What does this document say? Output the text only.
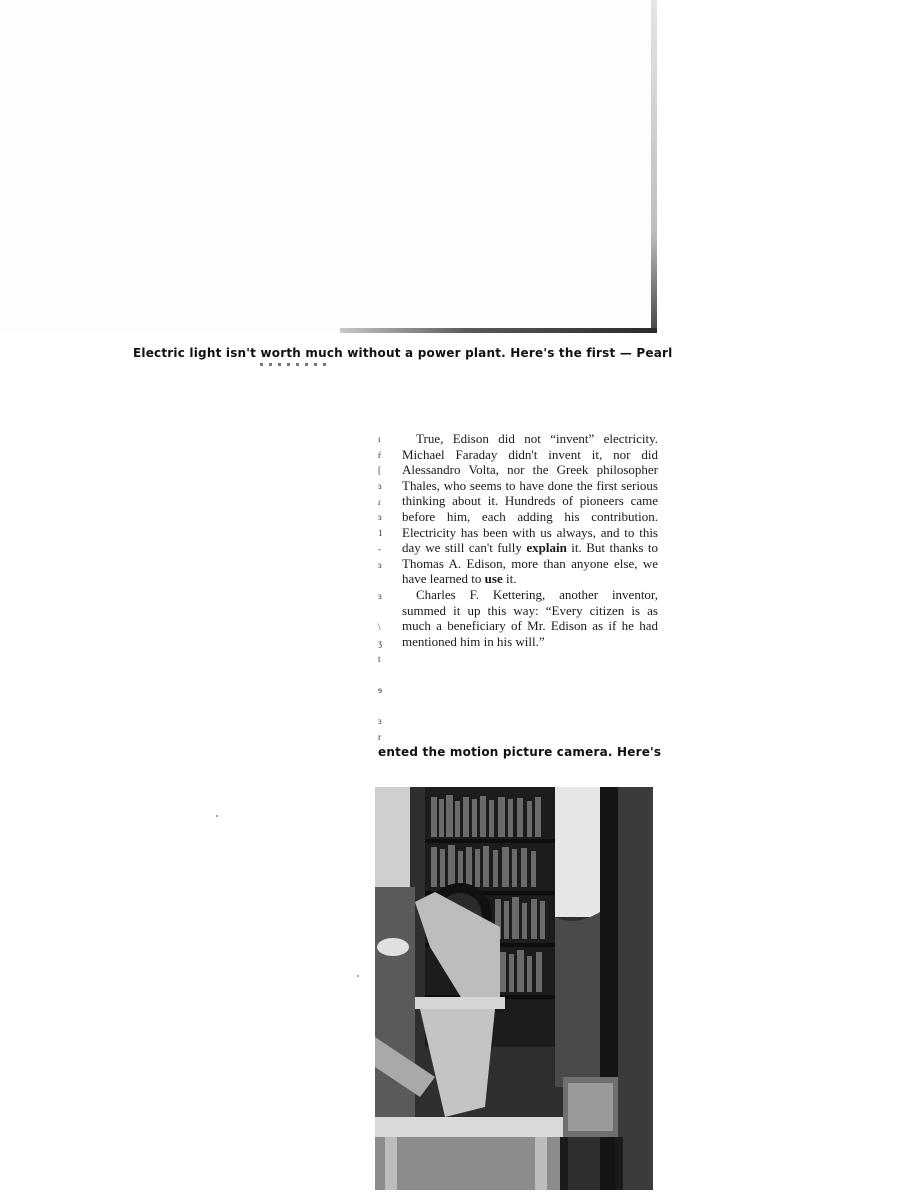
Electric light isn't worth much without a power plant. Here's the first — Pearl

ı
ŕ
[
ɜ
ɾ
ɜ
1
-
ɜ
ɜ
\
ʒ
t
ɘ
ɜ
r

True, Edison did not “invent” electricity. Michael Faraday didn't invent it, nor did Alessandro Volta, nor the Greek philosopher Thales, who seems to have done the first serious thinking about it. Hundreds of pioneers came before him, each adding his contribution. Electricity has been with us always, and to this day we still can't fully explain it. But thanks to Thomas A. Edison, more than anyone else, we have learned to use it.

Charles F. Kettering, another inventor, summed it up this way: “Every citizen is as much a beneficiary of Mr. Edison as if he had mentioned him in his will.”

ented the motion picture camera. Here's
